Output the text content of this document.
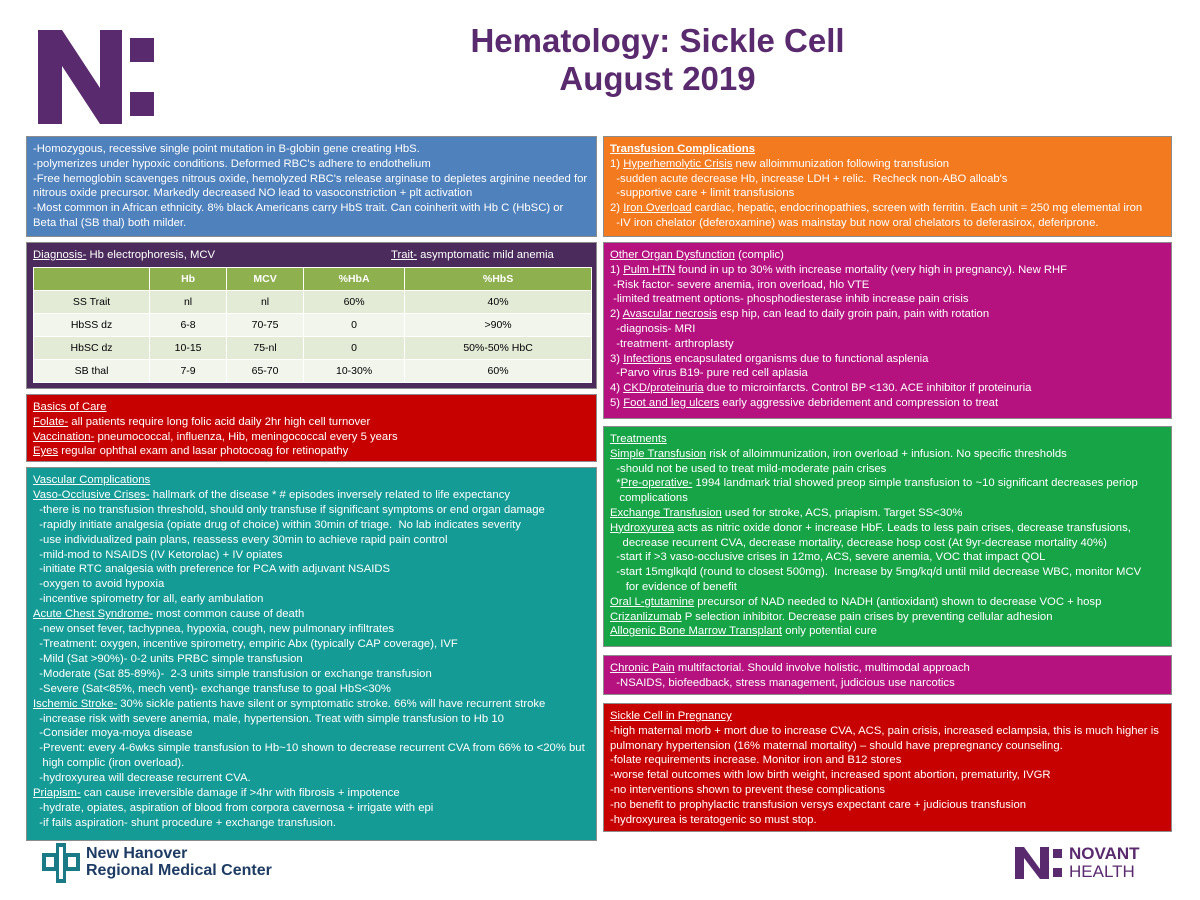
Hematology: Sickle Cell
August 2019
-Homozygous, recessive single point mutation in B-globin gene creating HbS.
-polymerizes under hypoxic conditions. Deformed RBC's adhere to endothelium
-Free hemoglobin scavenges nitrous oxide, hemolyzed RBC's release arginase to depletes arginine needed for
nitrous oxide precursor. Markedly decreased NO lead to vasoconstriction + plt activation
-Most common in African ethnicity. 8% black Americans carry HbS trait. Can coinherit with Hb C (HbSC) or
Beta thal (SB thal) both milder.
Diagnosis- Hb electrophoresis, MCV	Trait- asymptomatic mild anemia
	Hb	MCV	%HbA	%HbS
SS Trait	nl	nl	60%	40%
HbSS dz	6-8	70-75	0	>90%
HbSC dz	10-15	75-nl	0	50%-50% HbC
SB thal	7-9	65-70	10-30%	60%
Basics of Care
Folate- all patients require long folic acid daily 2hr high cell turnover
Vaccination- pneumococcal, influenza, Hib, meningococcal every 5 years
Eyes regular ophthal exam and lasar photocoag for retinopathy
Vascular Complications
Vaso-Occlusive Crises- hallmark of the disease * # episodes inversely related to life expectancy
-there is no transfusion threshold, should only transfuse if significant symptoms or end organ damage
-rapidly initiate analgesia (opiate drug of choice) within 30min of triage.  No lab indicates severity
-use individualized pain plans, reassess every 30min to achieve rapid pain control
-mild-mod to NSAIDS (IV Ketorolac) + IV opiates
-initiate RTC analgesia with preference for PCA with adjuvant NSAIDS
-oxygen to avoid hypoxia
-incentive spirometry for all, early ambulation
Acute Chest Syndrome- most common cause of death
-new onset fever, tachypnea, hypoxia, cough, new pulmonary infiltrates
-Treatment: oxygen, incentive spirometry, empiric Abx (typically CAP coverage), IVF
-Mild (Sat >90%)- 0-2 units PRBC simple transfusion
-Moderate (Sat 85-89%)-  2-3 units simple transfusion or exchange transfusion
-Severe (Sat<85%, mech vent)- exchange transfuse to goal HbS<30%
Ischemic Stroke- 30% sickle patients have silent or symptomatic stroke. 66% will have recurrent stroke
-increase risk with severe anemia, male, hypertension. Treat with simple transfusion to Hb 10
-Consider moya-moya disease
-Prevent: every 4-6wks simple transfusion to Hb~10 shown to decrease recurrent CVA from 66% to <20% but
high complic (iron overload).
-hydroxyurea will decrease recurrent CVA.
Priapism- can cause irreversible damage if >4hr with fibrosis + impotence
-hydrate, opiates, aspiration of blood from corpora cavernosa + irrigate with epi
-if fails aspiration- shunt procedure + exchange transfusion.
Transfusion Complications
1) Hyperhemolytic Crisis new alloimmunization following transfusion
-sudden acute decrease Hb, increase LDH + relic.  Recheck non-ABO alloab's
-supportive care + limit transfusions
2) Iron Overload cardiac, hepatic, endocrinopathies, screen with ferritin. Each unit = 250 mg elemental iron
-IV iron chelator (deferoxamine) was mainstay but now oral chelators to deferasirox, deferiprone.
Other Organ Dysfunction (complic)
1) Pulm HTN found in up to 30% with increase mortality (very high in pregnancy). New RHF
-Risk factor- severe anemia, iron overload, hlo VTE
-limited treatment options- phosphodiesterase inhib increase pain crisis
2) Avascular necrosis esp hip, can lead to daily groin pain, pain with rotation
-diagnosis- MRI
-treatment- arthroplasty
3) Infections encapsulated organisms due to functional asplenia
-Parvo virus B19- pure red cell aplasia
4) CKD/proteinuria due to microinfarcts. Control BP <130. ACE inhibitor if proteinuria
5) Foot and leg ulcers early aggressive debridement and compression to treat
Treatments
Simple Transfusion risk of alloimmunization, iron overload + infusion. No specific thresholds
-should not be used to treat mild-moderate pain crises
*Pre-operative- 1994 landmark trial showed preop simple transfusion to ~10 significant decreases periop
complications
Exchange Transfusion used for stroke, ACS, priapism. Target SS<30%
Hydroxyurea acts as nitric oxide donor + increase HbF. Leads to less pain crises, decrease transfusions,
decrease recurrent CVA, decrease mortality, decrease hosp cost (At 9yr-decrease mortality 40%)
-start if >3 vaso-occlusive crises in 12mo, ACS, severe anemia, VOC that impact QOL
-start 15mglkqld (round to closest 500mg).  Increase by 5mg/kq/d until mild decrease WBC, monitor MCV
for evidence of benefit
Oral L-gtutamine precursor of NAD needed to NADH (antioxidant) shown to decrease VOC + hosp
Crizanlizumab P selection inhibitor. Decrease pain crises by preventing cellular adhesion
Allogenic Bone Marrow Transplant only potential cure
Chronic Pain multifactorial. Should involve holistic, multimodal approach
-NSAIDS, biofeedback, stress management, judicious use narcotics
Sickle Cell in Pregnancy
-high maternal morb + mort due to increase CVA, ACS, pain crisis, increased eclampsia, this is much higher is
pulmonary hypertension (16% maternal mortality) – should have prepregnancy counseling.
-folate requirements increase. Monitor iron and B12 stores
-worse fetal outcomes with low birth weight, increased spont abortion, prematurity, IVGR
-no interventions shown to prevent these complications
-no benefit to prophylactic transfusion versys expectant care + judicious transfusion
-hydroxyurea is teratogenic so must stop.
New Hanover
Regional Medical Center
NOVANT
HEALTH
